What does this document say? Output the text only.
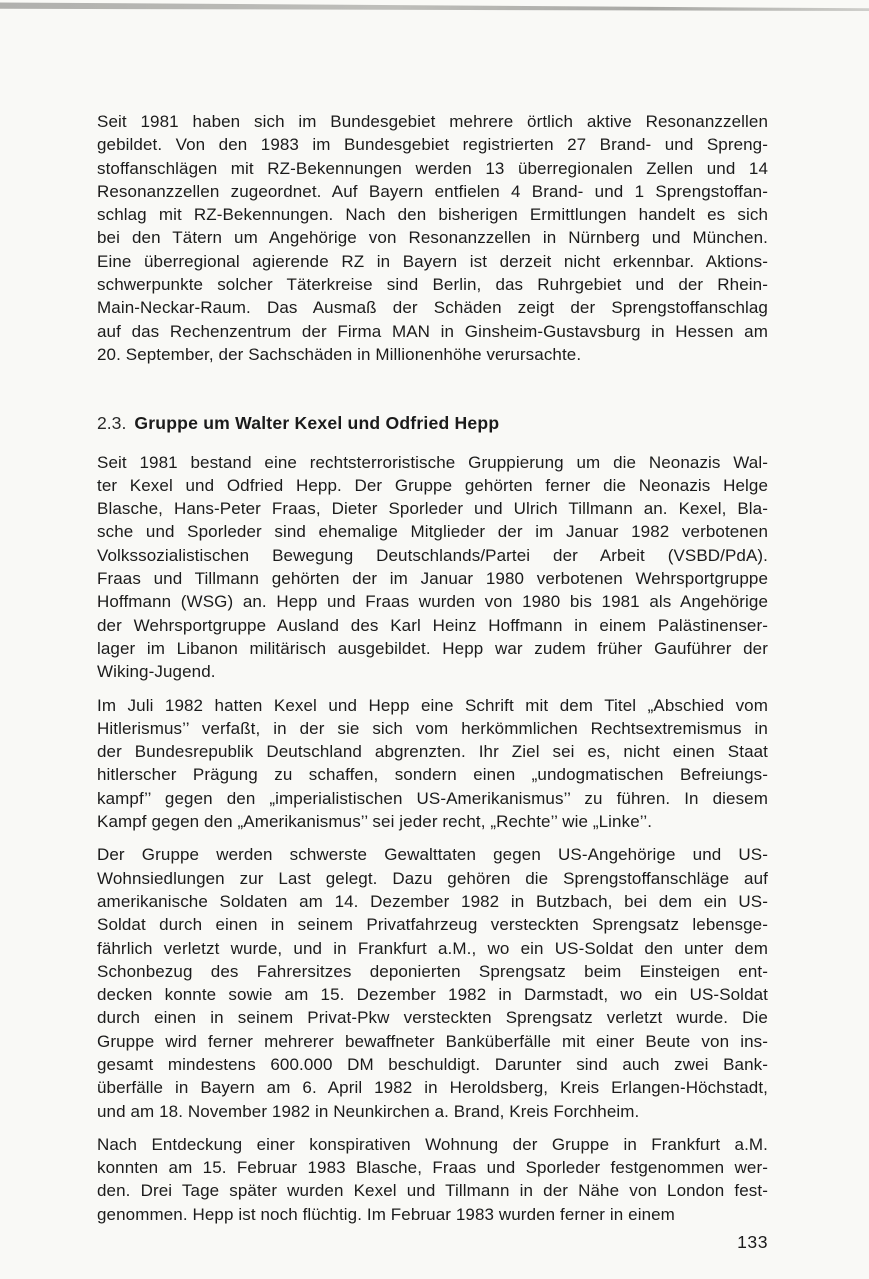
Seit 1981 haben sich im Bundesgebiet mehrere örtlich aktive Resonanzzellen
gebildet. Von den 1983 im Bundesgebiet registrierten 27 Brand- und Spreng-
stoffanschlägen mit RZ-Bekennungen werden 13 überregionalen Zellen und 14
Resonanzzellen zugeordnet. Auf Bayern entfielen 4 Brand- und 1 Sprengstoffan-
schlag mit RZ-Bekennungen. Nach den bisherigen Ermittlungen handelt es sich
bei den Tätern um Angehörige von Resonanzzellen in Nürnberg und München.
Eine überregional agierende RZ in Bayern ist derzeit nicht erkennbar. Aktions-
schwerpunkte solcher Täterkreise sind Berlin, das Ruhrgebiet und der Rhein-
Main-Neckar-Raum. Das Ausmaß der Schäden zeigt der Sprengstoffanschlag
auf das Rechenzentrum der Firma MAN in Ginsheim-Gustavsburg in Hessen am
20. September, der Sachschäden in Millionenhöhe verursachte.
2.3. Gruppe um Walter Kexel und Odfried Hepp
Seit 1981 bestand eine rechtsterroristische Gruppierung um die Neonazis Wal-
ter Kexel und Odfried Hepp. Der Gruppe gehörten ferner die Neonazis Helge
Blasche, Hans-Peter Fraas, Dieter Sporleder und Ulrich Tillmann an. Kexel, Bla-
sche und Sporleder sind ehemalige Mitglieder der im Januar 1982 verbotenen
Volkssozialistischen Bewegung Deutschlands/Partei der Arbeit (VSBD/PdA).
Fraas und Tillmann gehörten der im Januar 1980 verbotenen Wehrsportgruppe
Hoffmann (WSG) an. Hepp und Fraas wurden von 1980 bis 1981 als Angehörige
der Wehrsportgruppe Ausland des Karl Heinz Hoffmann in einem Palästinenser-
lager im Libanon militärisch ausgebildet. Hepp war zudem früher Gauführer der
Wiking-Jugend.
Im Juli 1982 hatten Kexel und Hepp eine Schrift mit dem Titel „Abschied vom
Hitlerismus’’ verfaßt, in der sie sich vom herkömmlichen Rechtsextremismus in
der Bundesrepublik Deutschland abgrenzten. Ihr Ziel sei es, nicht einen Staat
hitlerscher Prägung zu schaffen, sondern einen „undogmatischen Befreiungs-
kampf’’ gegen den „imperialistischen US-Amerikanismus’’ zu führen. In diesem
Kampf gegen den „Amerikanismus’’ sei jeder recht, „Rechte’’ wie „Linke’’.
Der Gruppe werden schwerste Gewalttaten gegen US-Angehörige und US-
Wohnsiedlungen zur Last gelegt. Dazu gehören die Sprengstoffanschläge auf
amerikanische Soldaten am 14. Dezember 1982 in Butzbach, bei dem ein US-
Soldat durch einen in seinem Privatfahrzeug versteckten Sprengsatz lebensge-
fährlich verletzt wurde, und in Frankfurt a.M., wo ein US-Soldat den unter dem
Schonbezug des Fahrersitzes deponierten Sprengsatz beim Einsteigen ent-
decken konnte sowie am 15. Dezember 1982 in Darmstadt, wo ein US-Soldat
durch einen in seinem Privat-Pkw versteckten Sprengsatz verletzt wurde. Die
Gruppe wird ferner mehrerer bewaffneter Banküberfälle mit einer Beute von ins-
gesamt mindestens 600.000 DM beschuldigt. Darunter sind auch zwei Bank-
überfälle in Bayern am 6. April 1982 in Heroldsberg, Kreis Erlangen-Höchstadt,
und am 18. November 1982 in Neunkirchen a. Brand, Kreis Forchheim.
Nach Entdeckung einer konspirativen Wohnung der Gruppe in Frankfurt a.M.
konnten am 15. Februar 1983 Blasche, Fraas und Sporleder festgenommen wer-
den. Drei Tage später wurden Kexel und Tillmann in der Nähe von London fest-
genommen. Hepp ist noch flüchtig. Im Februar 1983 wurden ferner in einem
133
